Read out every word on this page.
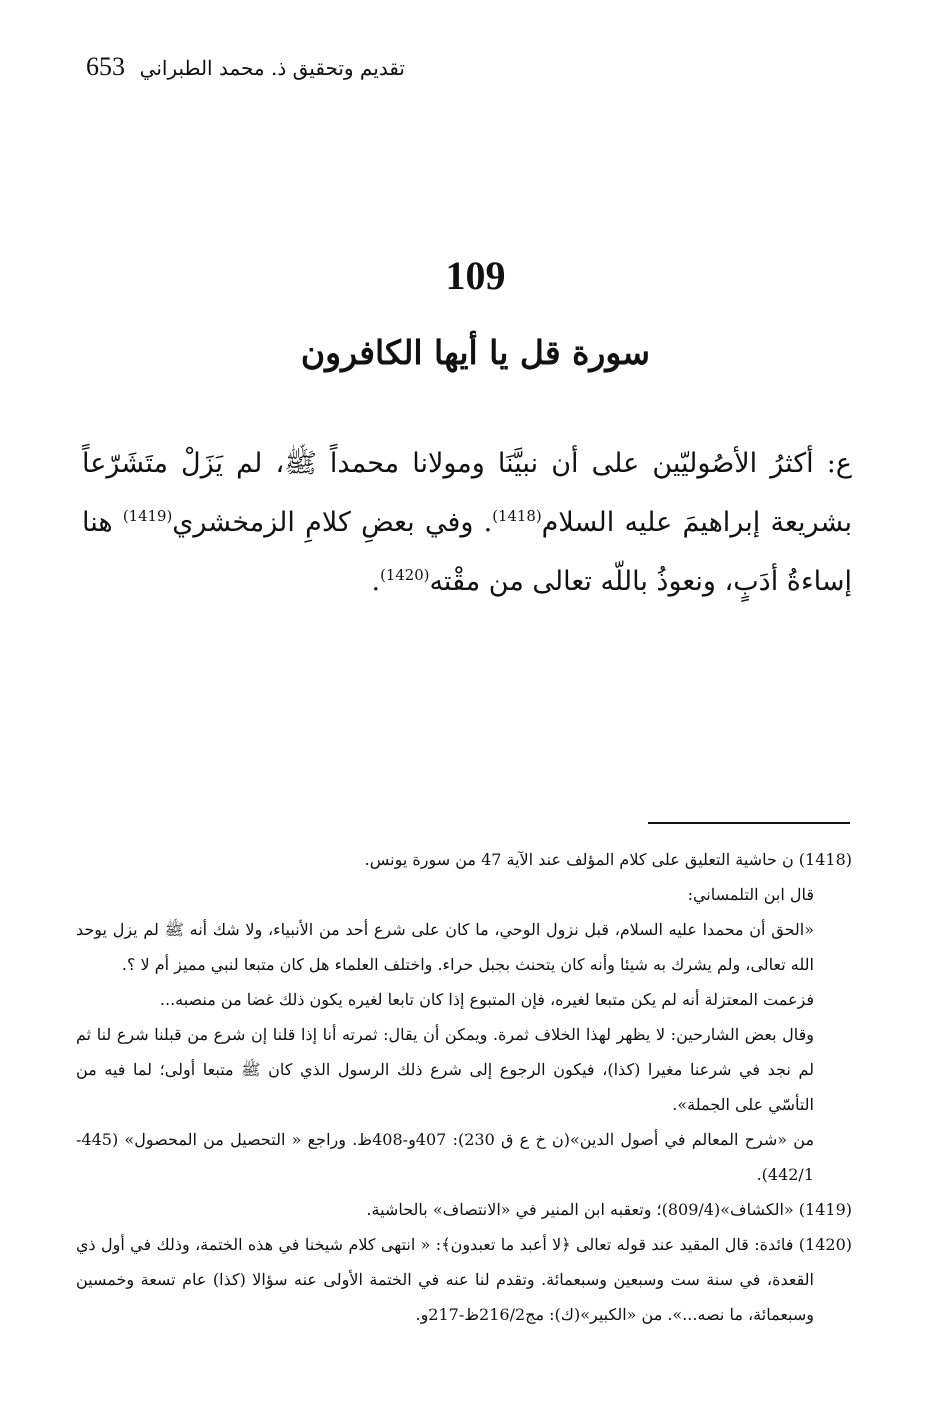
653 تقديم وتحقيق ذ. محمد الطبراني
109
سورة قل يا أيها الكافرون

ع: أكثرُ الأصُوليّين على أن نبيَّنَا ومولانا محمداً ﷺ، لم يَزَلْ متَشَرّعاً بشريعة إبراهيمَ عليه السلام$^{(1418)}$. وفي بعضِ كلامِ الزمخشري$^{(1419)}$ هنا إساءةُ أدَبٍ، ونعوذُ باللّه تعالى من مقْته$^{(1420)}$.

(1418) ن حاشية التعليق على كلام المؤلف عند الآية 47 من سورة يونس.

قال ابن التلمساني:

«الحق أن محمدا عليه السلام، قبل نزول الوحي، ما كان على شرع أحد من الأنبياء، ولا شك أنه ﷺ لم يزل يوحد الله تعالى، ولم يشرك به شيئا وأنه كان يتحنث بجبل حراء. واختلف العلماء هل كان متبعا لنبي مميز أم لا ؟.

فزعمت المعتزلة أنه لم يكن متبعا لغيره، فإن المتبوع إذا كان تابعا لغيره يكون ذلك غضا من منصبه...

وقال بعض الشارحين: لا يظهر لهذا الخلاف ثمرة. ويمكن أن يقال: ثمرته أنا إذا قلنا إن شرع من قبلنا شرع لنا ثم لم نجد في شرعنا مغيرا (كذا)، فيكون الرجوع إلى شرع ذلك الرسول الذي كان ﷺ متبعا أولى؛ لما فيه من التأسّي على الجملة».

من «شرح المعالم في أصول الدين»(ن خ ع ق 230): 407و-408ظ. وراجع « التحصيل من المحصول» (445-442/1).

(1419) «الكشاف»(809/4)؛ وتعقبه ابن المنير في «الانتصاف» بالحاشية.

(1420) فائدة: قال المقيد عند قوله تعالى ﴿لا أعبد ما تعبدون﴾: « انتهى كلام شيخنا في هذه الختمة، وذلك في أول ذي القعدة، في سنة ست وسبعين وسبعمائة. وتقدم لنا عنه في الختمة الأولى عنه سؤالا (كذا) عام تسعة وخمسين وسبعمائة، ما نصه...». من «الكبير»(ك): مج216/2ظ-217و.
